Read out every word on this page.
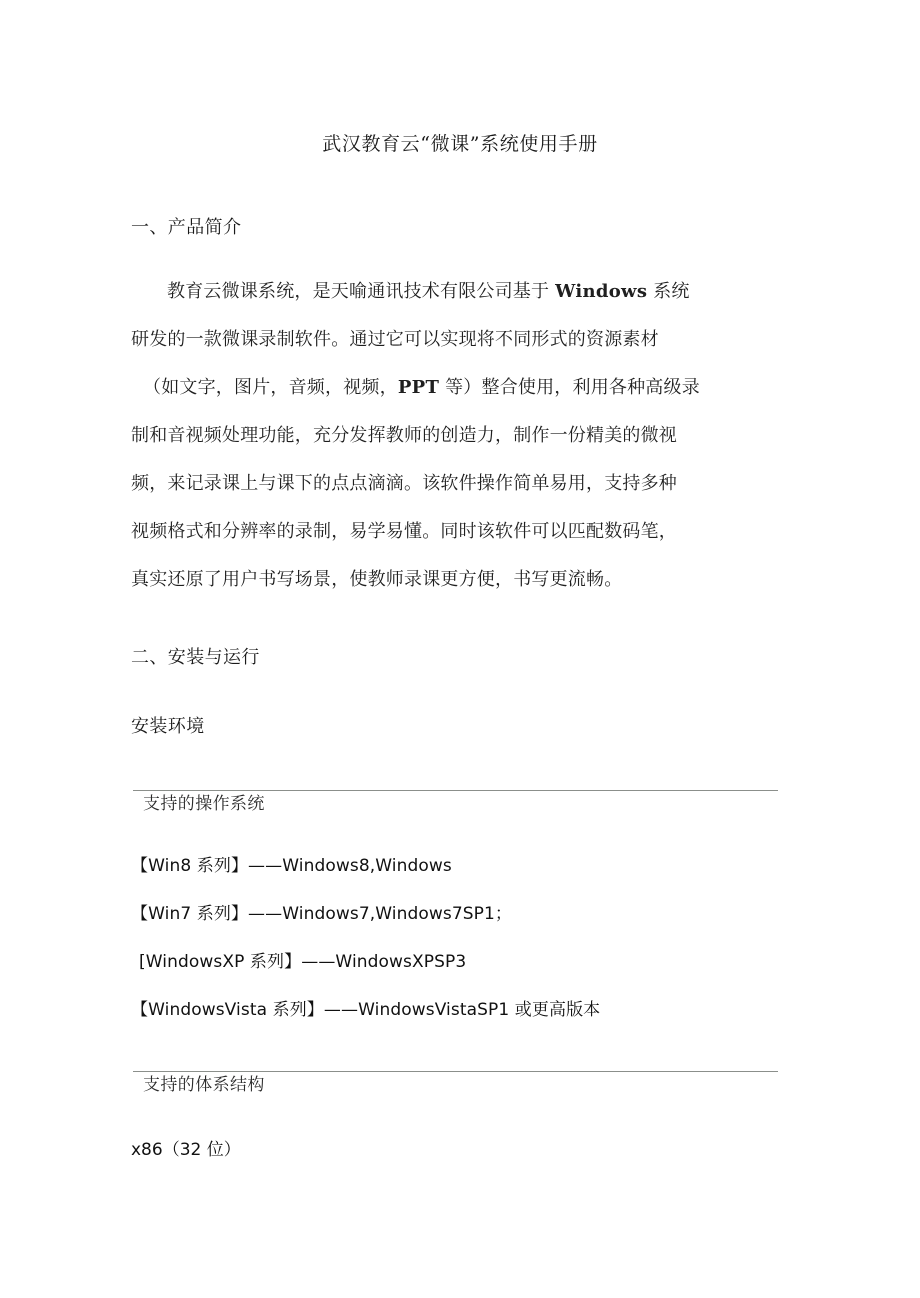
武汉教育云“微课”系统使用手册
一、产品简介
教育云微课系统，是天喻通讯技术有限公司基于 Windows 系统
研发的一款微课录制软件。通过它可以实现将不同形式的资源素材
（如文字，图片，音频，视频，PPT 等）整合使用，利用各种高级录
制和音视频处理功能，充分发挥教师的创造力，制作一份精美的微视
频，来记录课上与课下的点点滴滴。该软件操作简单易用，支持多种
视频格式和分辨率的录制，易学易懂。同时该软件可以匹配数码笔，
真实还原了用户书写场景，使教师录课更方便，书写更流畅。
二、安装与运行
安装环境
支持的操作系统
【Win8 系列】——Windows8,Windows
【Win7 系列】——Windows7,Windows7SP1；
[WindowsXP 系列】——WindowsXPSP3
【WindowsVista 系列】——WindowsVistaSP1 或更高版本
支持的体系结构
x86（32 位）
